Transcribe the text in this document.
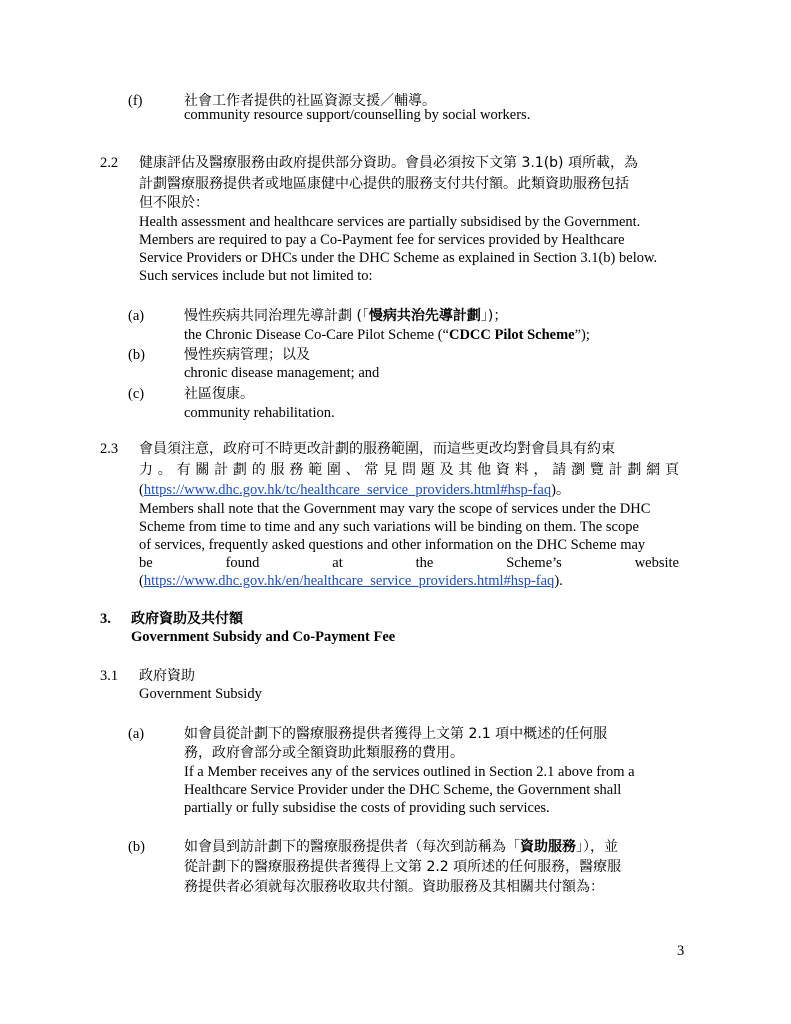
(f)	社會工作者提供的社區資源支援／輔導。
community resource support/counselling by social workers.
2.2 健康評估及醫療服務由政府提供部分資助。會員必須按下文第 3.1(b) 項所載，為
計劃醫療服務提供者或地區康健中心提供的服務支付共付額。此類資助服務包括
但不限於：
Health assessment and healthcare services are partially subsidised by the Government.
Members are required to pay a Co-Payment fee for services provided by Healthcare
Service Providers or DHCs under the DHC Scheme as explained in Section 3.1(b) below.
Such services include but not limited to:
(a)	慢性疾病共同治理先導計劃 (「慢病共治先導計劃」)；
the Chronic Disease Co-Care Pilot Scheme (“CDCC Pilot Scheme”);
(b)	慢性疾病管理；以及
chronic disease management; and
(c)	社區復康。
community rehabilitation.
2.3 會員須注意，政府可不時更改計劃的服務範圍，而這些更改均對會員具有約束
力。有關計劃的服務範圍、常見問題及其他資料，請瀏覽計劃網頁
(https://www.dhc.gov.hk/tc/healthcare_service_providers.html#hsp-faq)。
Members shall note that the Government may vary the scope of services under the DHC
Scheme from time to time and any such variations will be binding on them. The scope
of services, frequently asked questions and other information on the DHC Scheme may
be found at the Scheme’s website
(https://www.dhc.gov.hk/en/healthcare_service_providers.html#hsp-faq).
3. 政府資助及共付額
Government Subsidy and Co-Payment Fee
3.1 政府資助
Government Subsidy
(a)	如會員從計劃下的醫療服務提供者獲得上文第 2.1 項中概述的任何服
務，政府會部分或全額資助此類服務的費用。
If a Member receives any of the services outlined in Section 2.1 above from a
Healthcare Service Provider under the DHC Scheme, the Government shall
partially or fully subsidise the costs of providing such services.
(b)	如會員到訪計劃下的醫療服務提供者（每次到訪稱為「資助服務」），並
從計劃下的醫療服務提供者獲得上文第 2.2 項所述的任何服務，醫療服
務提供者必須就每次服務收取共付額。資助服務及其相關共付額為：
3
